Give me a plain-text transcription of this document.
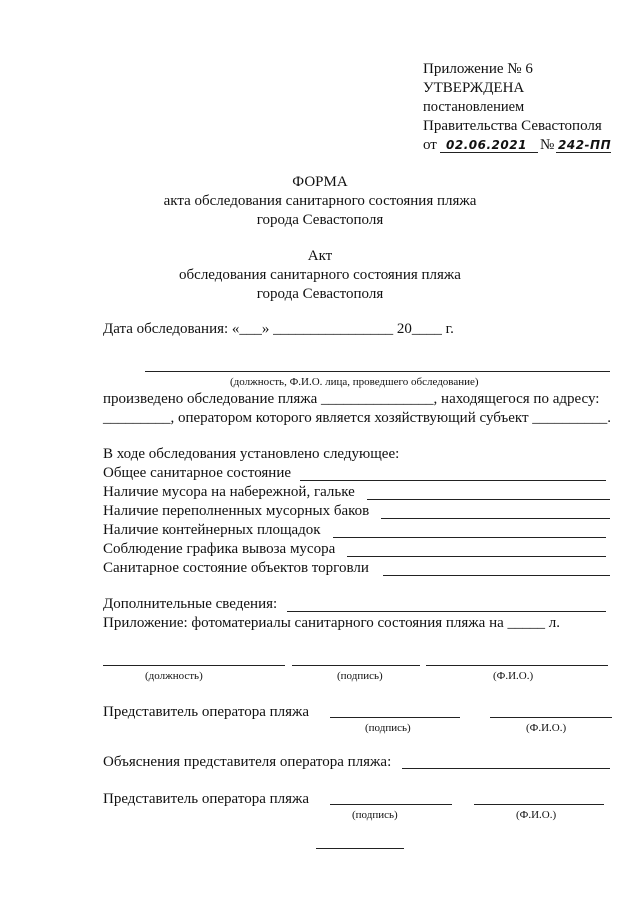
Приложение № 6
УТВЕРЖДЕНА
постановлением
Правительства Севастополя
от 02.06.2021 № 242-ПП
ФОРМА
акта обследования санитарного состояния пляжа
города Севастополя
Акт
обследования санитарного состояния пляжа
города Севастополя
Дата обследования: «___» ________________ 20____ г.
(должность, Ф.И.О. лица, проведшего обследование)
произведено обследование пляжа _______________, находящегося по адресу:
_________, оператором которого является хозяйствующий субъект __________.
В ходе обследования установлено следующее:
Общее санитарное состояние
Наличие мусора на набережной, гальке
Наличие переполненных мусорных баков
Наличие контейнерных площадок
Соблюдение графика вывоза мусора
Санитарное состояние объектов торговли
Дополнительные сведения:
Приложение: фотоматериалы санитарного состояния пляжа на _____ л.
(должность)	(подпись)	(Ф.И.О.)
Представитель оператора пляжа
(подпись)	(Ф.И.О.)
Объяснения представителя оператора пляжа:
Представитель оператора пляжа
(подпись)	(Ф.И.О.)
